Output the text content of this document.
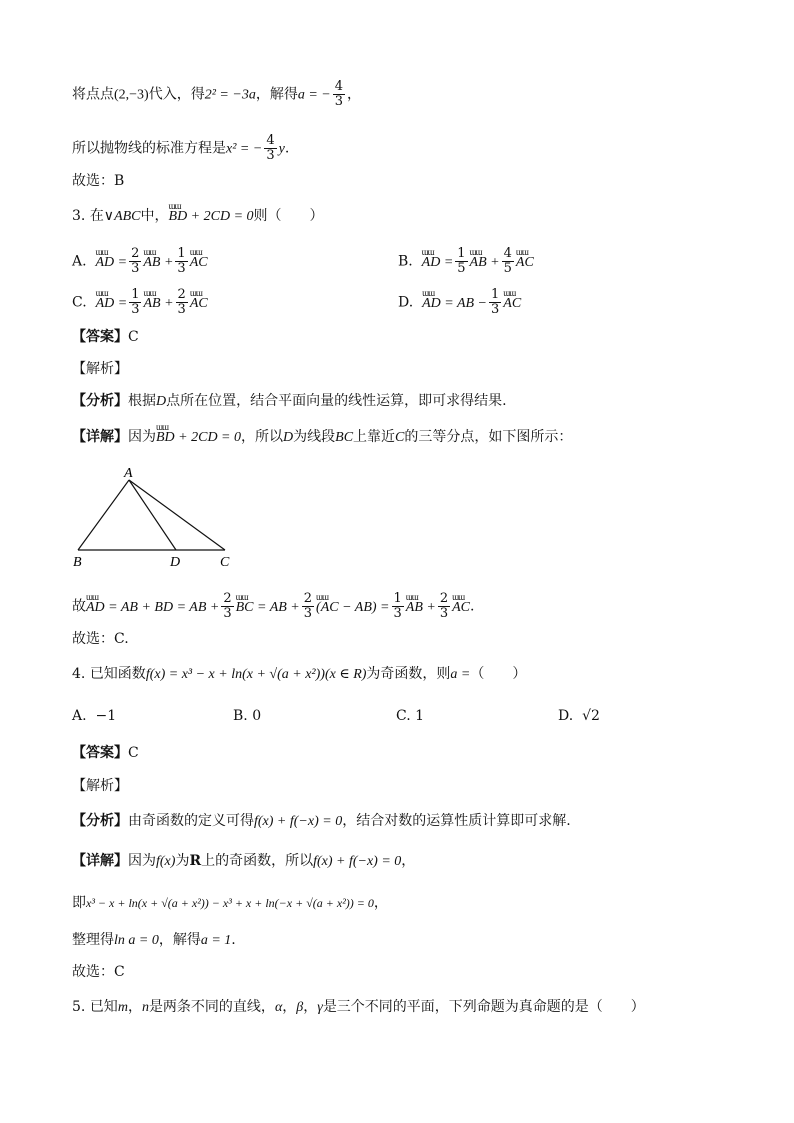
将点点(2,−3)代入，得2² = −3a，解得a = − $\frac{4}{3}$ ，
所以抛物线的标准方程是x² = − $\frac{4}{3} y$.
故选：B
3. 在∨ABC中，ɯɯ BD + 2CD = 0则（　　）
A. ɯɯ AD = $\frac{2}{3}$ ɯɯ AB + $\frac{1}{3}$ ɯɯ AC	B. ɯɯ AD = $\frac{1}{5}$ ɯɯ AB + $\frac{4}{5}$ ɯɯ AC
C. ɯɯ AD = $\frac{1}{3}$ ɯɯ AB + $\frac{2}{3}$ ɯɯ AC	D. ɯɯ AD = AB − $\frac{1}{3}$ ɯɯ AC
【答案】C
【解析】
【分析】根据D点所在位置，结合平面向量的线性运算，即可求得结果.
【详解】因为ɯɯ BD + 2CD = 0，所以D为线段BC上靠近C的三等分点，如下图所示：
A
B	D	C
故ɯɯ AD = AB + BD = AB + $\frac{2}{3}$ ɯɯ BC = AB + $\frac{2}{3}$ ɯɯ $(AC - AB) = \frac{1}{3}$ ɯɯ AB + $\frac{2}{3}$ ɯɯ AC.
故选：C.
4. 已知函数f(x) = x³ − x + ln(x + √(a + x²))(x ∈ R)为奇函数，则a =（　　）
A. −1	B. 0	C. 1	D. √2
【答案】C
【解析】
【分析】由奇函数的定义可得f(x) + f(−x) = 0，结合对数的运算性质计算即可求解.
【详解】因为f(x)为R上的奇函数，所以f(x) + f(−x) = 0，
即x³ − x + ln(x + √(a + x²)) − x³ + x + ln(−x + √(a + x²)) = 0，
整理得ln a = 0，解得a = 1.
故选：C
5. 已知m，n是两条不同的直线，α，β，γ是三个不同的平面，下列命题为真命题的是（　　）
